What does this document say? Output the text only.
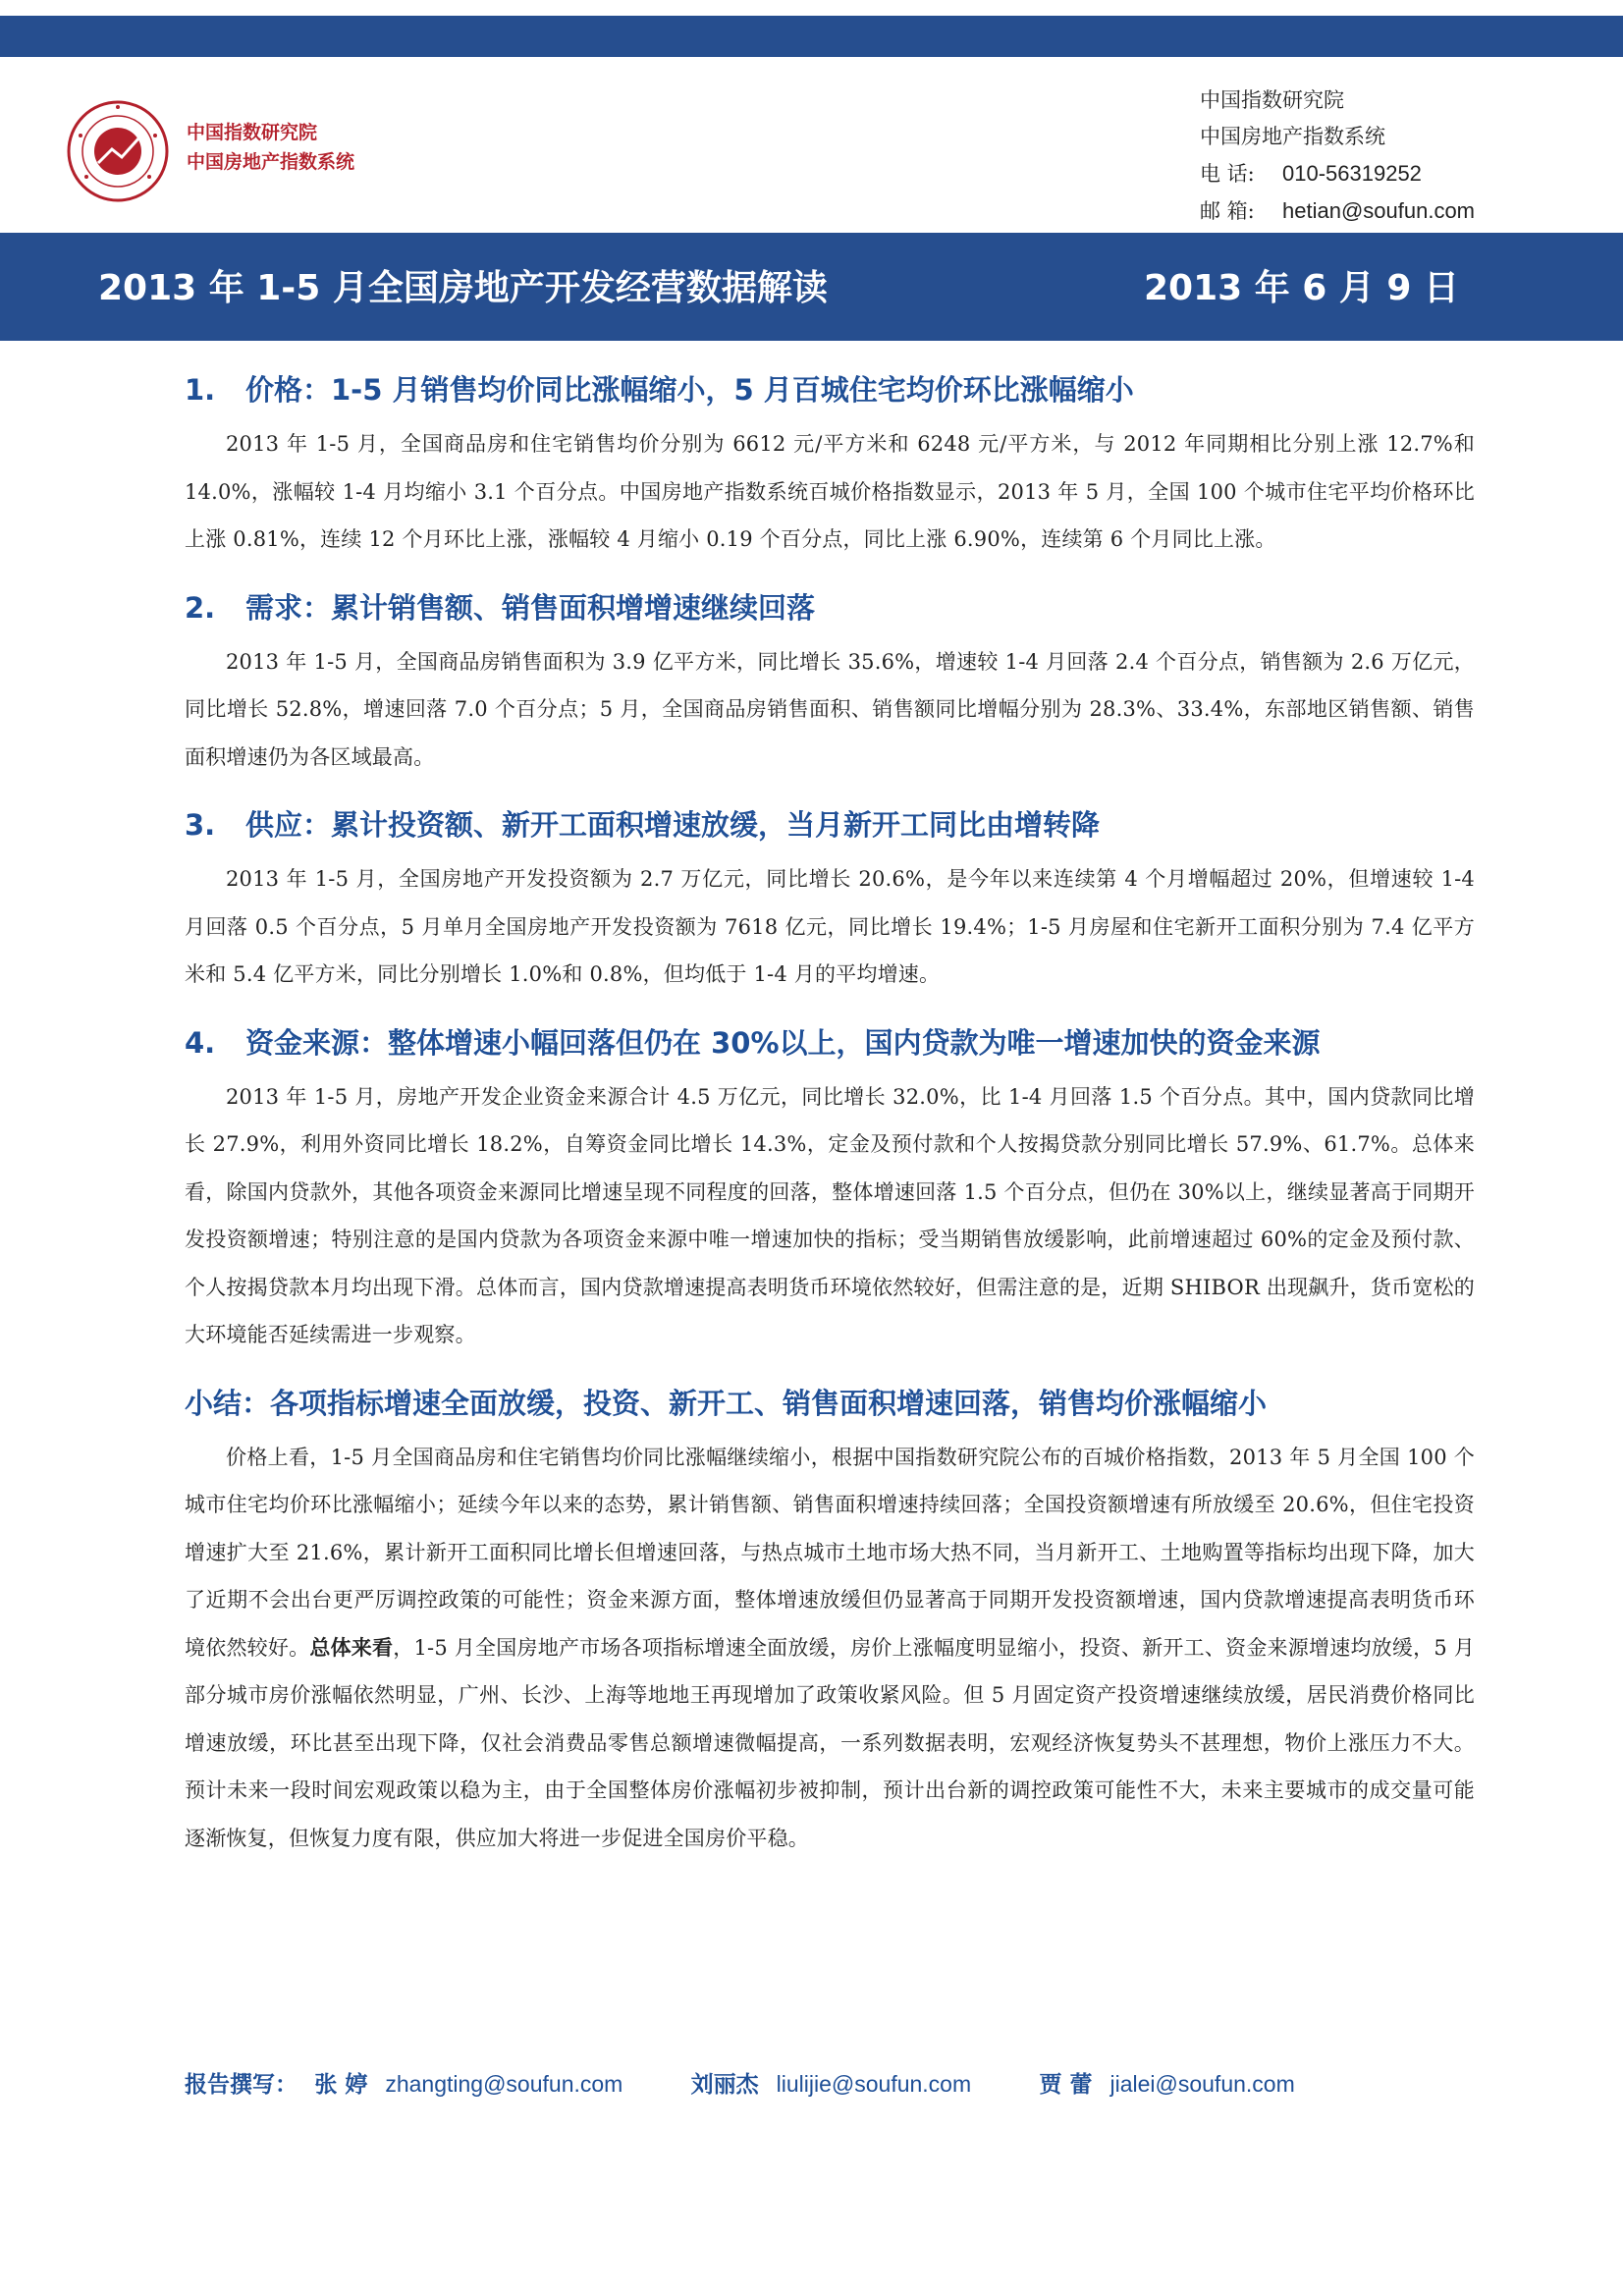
中国指数研究院
中国房地产指数系统
中国指数研究院
中国房地产指数系统
电 话: 010-56319252
邮 箱: hetian@soufun.com
2013 年 1-5 月全国房地产开发经营数据解读	2013 年 6 月 9 日
1. 价格：1-5 月销售均价同比涨幅缩小，5 月百城住宅均价环比涨幅缩小

2013 年 1-5 月，全国商品房和住宅销售均价分别为 6612 元/平方米和 6248 元/平方米，与 2012 年同期相比分别上涨 12.7%和 14.0%，涨幅较 1-4 月均缩小 3.1 个百分点。中国房地产指数系统百城价格指数显示，2013 年 5 月，全国 100 个城市住宅平均价格环比上涨 0.81%，连续 12 个月环比上涨，涨幅较 4 月缩小 0.19 个百分点，同比上涨 6.90%，连续第 6 个月同比上涨。

2. 需求：累计销售额、销售面积增增速继续回落

2013 年 1-5 月，全国商品房销售面积为 3.9 亿平方米，同比增长 35.6%，增速较 1-4 月回落 2.4 个百分点，销售额为 2.6 万亿元，同比增长 52.8%，增速回落 7.0 个百分点；5 月，全国商品房销售面积、销售额同比增幅分别为 28.3%、33.4%，东部地区销售额、销售面积增速仍为各区域最高。

3. 供应：累计投资额、新开工面积增速放缓，当月新开工同比由增转降

2013 年 1-5 月，全国房地产开发投资额为 2.7 万亿元，同比增长 20.6%，是今年以来连续第 4 个月增幅超过 20%，但增速较 1-4 月回落 0.5 个百分点，5 月单月全国房地产开发投资额为 7618 亿元，同比增长 19.4%；1-5 月房屋和住宅新开工面积分别为 7.4 亿平方米和 5.4 亿平方米，同比分别增长 1.0%和 0.8%，但均低于 1-4 月的平均增速。

4. 资金来源：整体增速小幅回落但仍在 30%以上，国内贷款为唯一增速加快的资金来源

2013 年 1-5 月，房地产开发企业资金来源合计 4.5 万亿元，同比增长 32.0%，比 1-4 月回落 1.5 个百分点。其中，国内贷款同比增长 27.9%，利用外资同比增长 18.2%，自筹资金同比增长 14.3%，定金及预付款和个人按揭贷款分别同比增长 57.9%、61.7%。总体来看，除国内贷款外，其他各项资金来源同比增速呈现不同程度的回落，整体增速回落 1.5 个百分点，但仍在 30%以上，继续显著高于同期开发投资额增速；特别注意的是国内贷款为各项资金来源中唯一增速加快的指标；受当期销售放缓影响，此前增速超过 60%的定金及预付款、个人按揭贷款本月均出现下滑。总体而言，国内贷款增速提高表明货币环境依然较好，但需注意的是，近期 SHIBOR 出现飙升，货币宽松的大环境能否延续需进一步观察。

小结：各项指标增速全面放缓，投资、新开工、销售面积增速回落，销售均价涨幅缩小

价格上看，1-5 月全国商品房和住宅销售均价同比涨幅继续缩小，根据中国指数研究院公布的百城价格指数，2013 年 5 月全国 100 个城市住宅均价环比涨幅缩小；延续今年以来的态势，累计销售额、销售面积增速持续回落；全国投资额增速有所放缓至 20.6%，但住宅投资增速扩大至 21.6%，累计新开工面积同比增长但增速回落，与热点城市土地市场大热不同，当月新开工、土地购置等指标均出现下降，加大了近期不会出台更严厉调控政策的可能性；资金来源方面，整体增速放缓但仍显著高于同期开发投资额增速，国内贷款增速提高表明货币环境依然较好。总体来看，1-5 月全国房地产市场各项指标增速全面放缓，房价上涨幅度明显缩小，投资、新开工、资金来源增速均放缓，5 月部分城市房价涨幅依然明显，广州、长沙、上海等地地王再现增加了政策收紧风险。但 5 月固定资产投资增速继续放缓，居民消费价格同比增速放缓，环比甚至出现下降，仅社会消费品零售总额增速微幅提高，一系列数据表明，宏观经济恢复势头不甚理想，物价上涨压力不大。预计未来一段时间宏观政策以稳为主，由于全国整体房价涨幅初步被抑制，预计出台新的调控政策可能性不大，未来主要城市的成交量可能逐渐恢复，但恢复力度有限，供应加大将进一步促进全国房价平稳。

报告撰写： 张 婷 zhangting@soufun.com	刘丽杰 liulijie@soufun.com	贾 蕾 jialei@soufun.com
